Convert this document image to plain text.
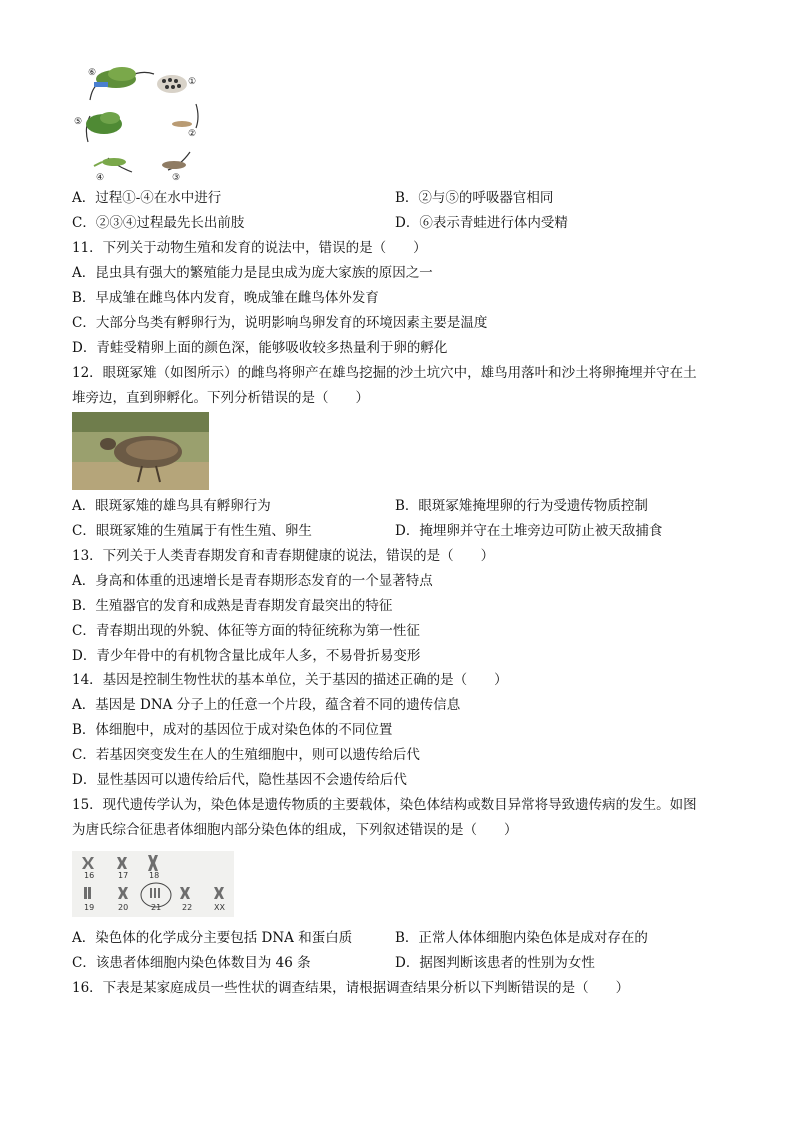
⑥
①
⑤
②
④	③
A．过程①-④在水中进行	B．②与⑤的呼吸器官相同
C．②③④过程最先长出前肢	D．⑥表示青蛙进行体内受精
11．下列关于动物生殖和发育的说法中，错误的是（　　）
A．昆虫具有强大的繁殖能力是昆虫成为庞大家族的原因之一
B．早成雏在雌鸟体内发育，晚成雏在雌鸟体外发育
C．大部分鸟类有孵卵行为，说明影响鸟卵发育的环境因素主要是温度
D．青蛙受精卵上面的颜色深，能够吸收较多热量利于卵的孵化
12．眼斑冢雉（如图所示）的雌鸟将卵产在雄鸟挖掘的沙土坑穴中，雄鸟用落叶和沙土将卵掩埋并守在土
堆旁边，直到卵孵化。下列分析错误的是（　　）
A．眼斑冢雉的雄鸟具有孵卵行为	B．眼斑冢雉掩埋卵的行为受遗传物质控制
C．眼斑冢雉的生殖属于有性生殖、卵生	D．掩埋卵并守在土堆旁边可防止被天敌捕食
13．下列关于人类青春期发育和青春期健康的说法，错误的是（　　）
A．身高和体重的迅速增长是青春期形态发育的一个显著特点
B．生殖器官的发育和成熟是青春期发育最突出的特征
C．青春期出现的外貌、体征等方面的特征统称为第一性征
D．青少年骨中的有机物含量比成年人多，不易骨折易变形
14．基因是控制生物性状的基本单位，关于基因的描述正确的是（　　）
A．基因是 DNA 分子上的任意一个片段，蕴含着不同的遗传信息
B．体细胞中，成对的基因位于成对染色体的不同位置
C．若基因突变发生在人的生殖细胞中，则可以遗传给后代
D．显性基因可以遗传给后代，隐性基因不会遗传给后代
15．现代遗传学认为，染色体是遗传物质的主要载体，染色体结构或数目异常将导致遗传病的发生。如图
为唐氏综合征患者体细胞内部分染色体的组成，下列叙述错误的是（　　）
16	17	18
19	20	21	22	XX
A．染色体的化学成分主要包括 DNA 和蛋白质	B．正常人体体细胞内染色体是成对存在的
C．该患者体细胞内染色体数目为 46 条	D．据图判断该患者的性别为女性
16．下表是某家庭成员一些性状的调查结果，请根据调查结果分析以下判断错误的是（　　）
